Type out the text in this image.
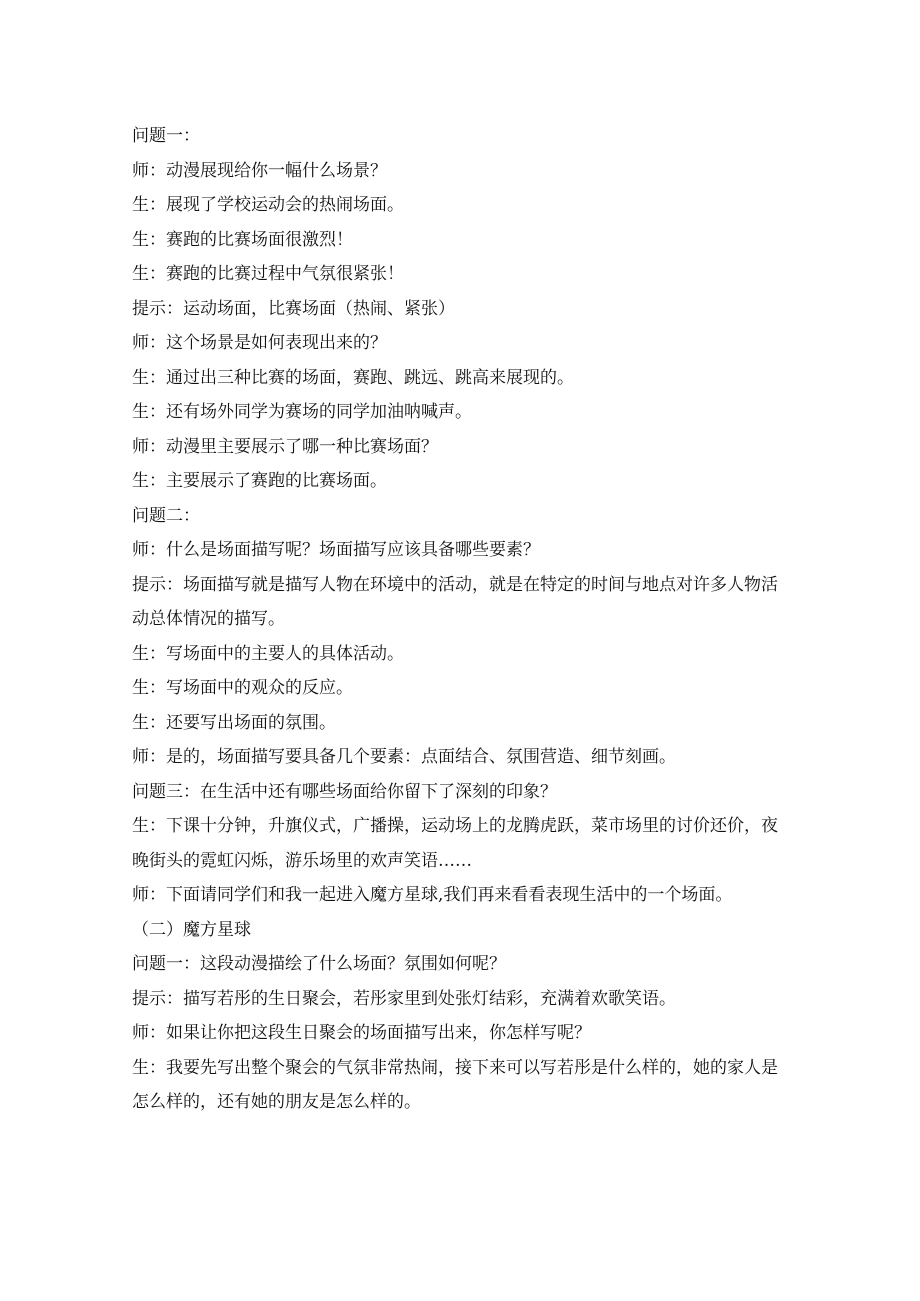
问题一：

师：动漫展现给你一幅什么场景？

生：展现了学校运动会的热闹场面。

生：赛跑的比赛场面很激烈！

生：赛跑的比赛过程中气氛很紧张！

提示：运动场面，比赛场面（热闹、紧张）

师：这个场景是如何表现出来的？

生：通过出三种比赛的场面，赛跑、跳远、跳高来展现的。

生：还有场外同学为赛场的同学加油呐喊声。

师：动漫里主要展示了哪一种比赛场面？

生：主要展示了赛跑的比赛场面。

问题二：

师：什么是场面描写呢？场面描写应该具备哪些要素？

提示：场面描写就是描写人物在环境中的活动，就是在特定的时间与地点对许多人物活动总体情况的描写。

生：写场面中的主要人的具体活动。

生：写场面中的观众的反应。

生：还要写出场面的氛围。

师：是的，场面描写要具备几个要素：点面结合、氛围营造、细节刻画。

问题三：在生活中还有哪些场面给你留下了深刻的印象？

生：下课十分钟，升旗仪式，广播操，运动场上的龙腾虎跃，菜市场里的讨价还价，夜晚街头的霓虹闪烁，游乐场里的欢声笑语……

师：下面请同学们和我一起进入魔方星球,我们再来看看表现生活中的一个场面。

（二）魔方星球

问题一：这段动漫描绘了什么场面？氛围如何呢？

提示：描写若彤的生日聚会，若彤家里到处张灯结彩，充满着欢歌笑语。

师：如果让你把这段生日聚会的场面描写出来，你怎样写呢？

生：我要先写出整个聚会的气氛非常热闹，接下来可以写若彤是什么样的，她的家人是怎么样的，还有她的朋友是怎么样的。
